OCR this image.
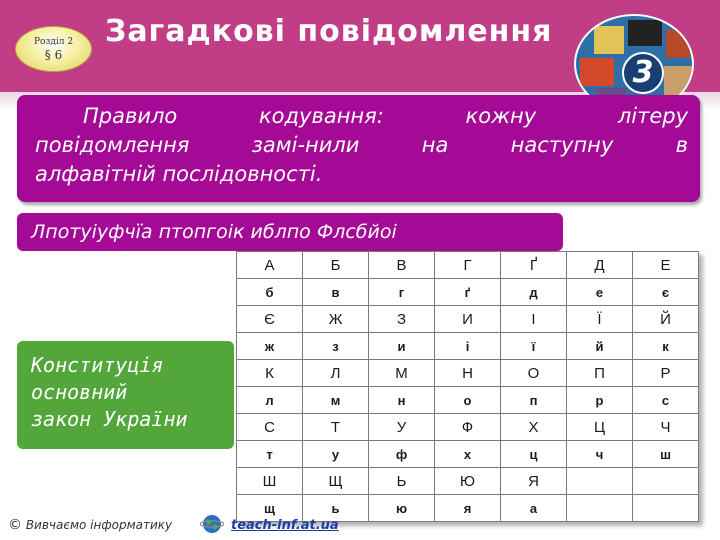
Розділ 2
§ 6
Загадкові повідомлення
3
Правило	кодування:	кожну	літеру
повідомлення	замі-нили	на	наступну	в
алфавітній послідовності.
Лпотуіуфчїа птопгоік иблпо Флсбйоі
А	Б	В	Г	Ґ	Д	Е
б	в	г	ґ	д	е	є
Є	Ж	З	И	І	Ї	Й
ж	з	и	і	ї	й	к
К	Л	М	Н	О	П	Р
л	м	н	о	п	р	с
С	Т	У	Ф	Х	Ц	Ч
т	у	ф	х	ц	ч	ш
Ш	Щ	Ь	Ю	Я		
щ	ь	ю	я	а		
Конституція
основний
закон України
© Вивчаємо інформатику	teach-inf.at.ua
